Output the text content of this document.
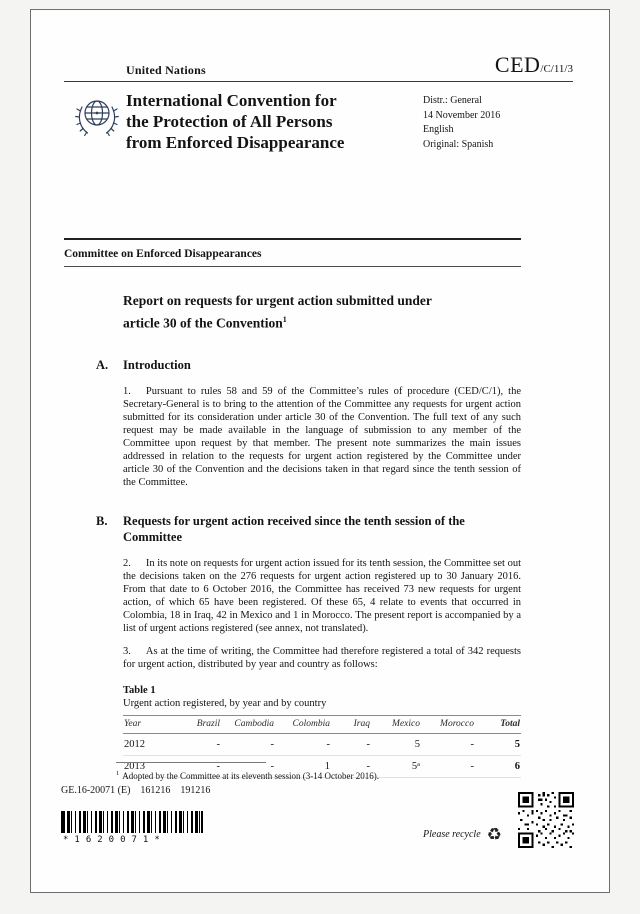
United Nations	CED/C/11/3
International Convention for
the Protection of All Persons
from Enforced Disappearance
Distr.: General
14 November 2016
English
Original: Spanish
Committee on Enforced Disappearances
Report on requests for urgent action submitted under
article 30 of the Convention$^1$
A.	Introduction
1. Pursuant to rules 58 and 59 of the Committee’s rules of procedure (CED/C/1), the Secretary-General is to bring to the attention of the Committee any requests for urgent action submitted for its consideration under article 30 of the Convention. The full text of any such request may be made available in the language of submission to any member of the Committee upon request by that member. The present note summarizes the main issues addressed in relation to the requests for urgent action registered by the Committee under article 30 of the Convention and the decisions taken in that regard since the tenth session of the Committee.
B.	Requests for urgent action received since the tenth session of the Committee
2. In its note on requests for urgent action issued for its tenth session, the Committee set out the decisions taken on the 276 requests for urgent action registered up to 30 January 2016. From that date to 6 October 2016, the Committee has received 73 new requests for urgent action, of which 65 have been registered. Of these 65, 4 relate to events that occurred in Colombia, 18 in Iraq, 42 in Mexico and 1 in Morocco. The present report is accompanied by a list of urgent actions registered (see annex, not translated).
3. As at the time of writing, the Committee had therefore registered a total of 342 requests for urgent action, distributed by year and country as follows:
Table 1
Urgent action registered, by year and by country
Year	Brazil	Cambodia	Colombia	Iraq	Mexico	Morocco	Total
2012	-	-	-	-	5	-	5
2013	-	-	1	-	5ᵃ	-	6
$^1$ Adopted by the Committee at its eleventh session (3-14 October 2016).
GE.16-20071 (E)    161216    191216
*1620071*	Please recycle ♻
